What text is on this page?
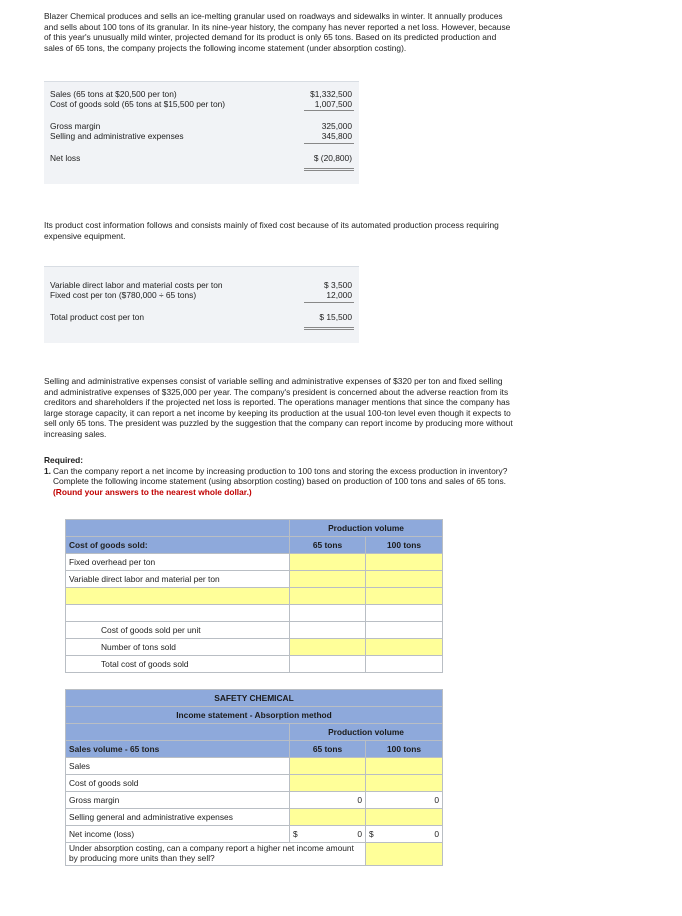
Blazer Chemical produces and sells an ice-melting granular used on roadways and sidewalks in winter. It annually produces and sells about 100 tons of its granular. In its nine-year history, the company has never reported a net loss. However, because of this year's unusually mild winter, projected demand for its product is only 65 tons. Based on its predicted production and sales of 65 tons, the company projects the following income statement (under absorption costing).

Sales (65 tons at $20,500 per ton)	$1,332,500
Cost of goods sold (65 tons at $15,500 per ton)	1,007,500
Gross margin	325,000
Selling and administrative expenses	345,800
Net loss	$ (20,800)

Its product cost information follows and consists mainly of fixed cost because of its automated production process requiring expensive equipment.

Variable direct labor and material costs per ton	$ 3,500
Fixed cost per ton ($780,000 ÷ 65 tons)	12,000
Total product cost per ton	$ 15,500

Selling and administrative expenses consist of variable selling and administrative expenses of $320 per ton and fixed selling and administrative expenses of $325,000 per year. The company's president is concerned about the adverse reaction from its creditors and shareholders if the projected net loss is reported. The operations manager mentions that since the company has large storage capacity, it can report a net income by keeping its production at the usual 100-ton level even though it expects to sell only 65 tons. The president was puzzled by the suggestion that the company can report income by producing more without increasing sales.

Required:
1. Can the company report a net income by increasing production to 100 tons and storing the excess production in inventory? Complete the following income statement (using absorption costing) based on production of 100 tons and sales of 65 tons. (Round your answers to the nearest whole dollar.)
	Production volume	
Cost of goods sold:	65 tons	100 tons
Fixed overhead per ton		
Variable direct labor and material per ton		

Cost of goods sold per unit		
Number of tons sold		
Total cost of goods sold		
SAFETY CHEMICAL		
Income statement - Absorption method		
	Production volume	
Sales volume - 65 tons	65 tons	100 tons
Sales		
Cost of goods sold		
Gross margin	0	0
Selling general and administrative expenses		
Net income (loss)	$ 0	$ 0
Under absorption costing, can a company report a higher net income amount by producing more units than they sell?		
